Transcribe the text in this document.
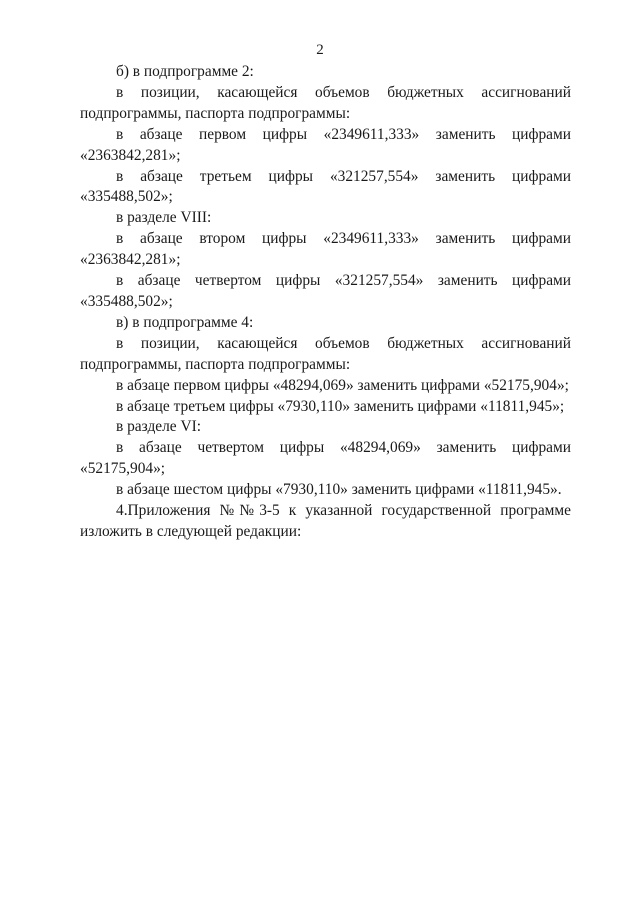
2
б) в подпрограмме 2:
в позиции, касающейся объемов бюджетных ассигнований
подпрограммы, паспорта подпрограммы:
в абзаце первом цифры «2349611,333» заменить цифрами
«2363842,281»;
в абзаце третьем цифры «321257,554» заменить цифрами
«335488,502»;
в разделе VIII:
в абзаце втором цифры «2349611,333» заменить цифрами
«2363842,281»;
в абзаце четвертом цифры «321257,554» заменить цифрами
«335488,502»;
в) в подпрограмме 4:
в позиции, касающейся объемов бюджетных ассигнований
подпрограммы, паспорта подпрограммы:
в абзаце первом цифры «48294,069» заменить цифрами «52175,904»;
в абзаце третьем цифры «7930,110» заменить цифрами «11811,945»;
в разделе VI:
в абзаце четвертом цифры «48294,069» заменить цифрами
«52175,904»;
в абзаце шестом цифры «7930,110» заменить цифрами «11811,945».
4.Приложения №№3-5 к указанной государственной программе
изложить в следующей редакции:
